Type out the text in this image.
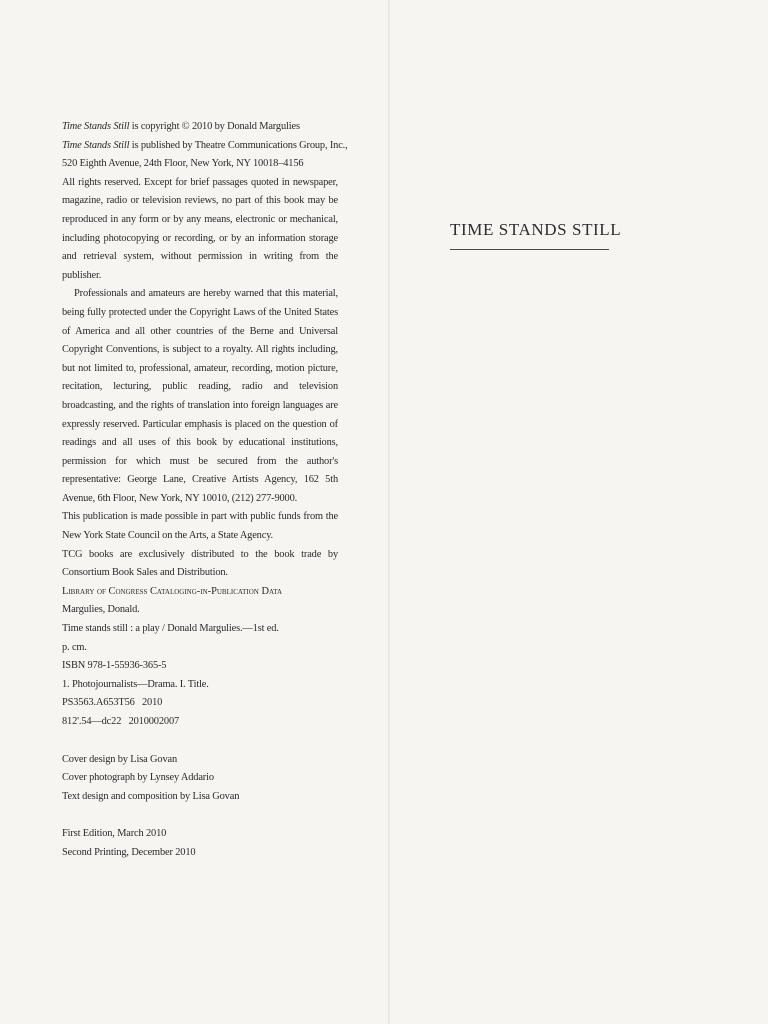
Time Stands Still is copyright © 2010 by Donald Margulies

Time Stands Still is published by Theatre Communications Group, Inc.,
520 Eighth Avenue, 24th Floor, New York, NY 10018–4156

All rights reserved. Except for brief passages quoted in newspaper, magazine, radio or television reviews, no part of this book may be reproduced in any form or by any means, electronic or mechanical, including photocopying or recording, or by an information storage and retrieval system, without permission in writing from the publisher.

Professionals and amateurs are hereby warned that this material, being fully protected under the Copyright Laws of the United States of America and all other countries of the Berne and Universal Copyright Conventions, is subject to a royalty. All rights including, but not limited to, professional, amateur, recording, motion picture, recitation, lecturing, public reading, radio and television broadcasting, and the rights of translation into foreign languages are expressly reserved. Particular emphasis is placed on the question of readings and all uses of this book by educational institutions, permission for which must be secured from the author's representative: George Lane, Creative Artists Agency, 162 5th Avenue, 6th Floor, New York, NY 10010, (212) 277-9000.

This publication is made possible in part with public funds from the New York State Council on the Arts, a State Agency.

TCG books are exclusively distributed to the book trade by Consortium Book Sales and Distribution.

Library of Congress Cataloging-in-Publication Data
Margulies, Donald.
Time stands still : a play / Donald Margulies.—1st ed.
p. cm.
ISBN 978-1-55936-365-5
1. Photojournalists—Drama. I. Title.
PS3563.A653T56   2010
812'.54—dc22   2010002007
Cover design by Lisa Govan
Cover photograph by Lynsey Addario
Text design and composition by Lisa Govan
First Edition, March 2010
Second Printing, December 2010
TIME STANDS STILL
